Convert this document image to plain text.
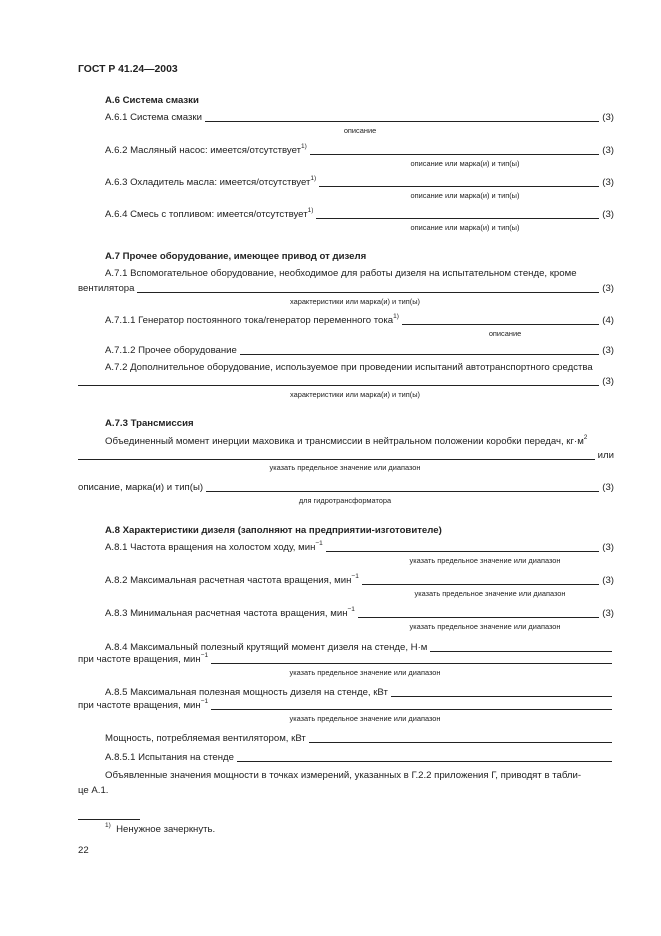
ГОСТ Р 41.24—2003
А.6 Система смазки
А.6.1 Система смазки	(3)
описание
А.6.2 Масляный насос: имеется/отсутствует$^{1)}$	(3)
описание или марка(и) и тип(ы)
А.6.3 Охладитель масла: имеется/отсутствует$^{1)}$	(3)
описание или марка(и) и тип(ы)
А.6.4 Смесь с топливом: имеется/отсутствует$^{1)}$	(3)
описание или марка(и) и тип(ы)
А.7 Прочее оборудование, имеющее привод от дизеля
А.7.1 Вспомогательное оборудование, необходимое для работы дизеля на испытательном стенде, кроме
вентилятора	(3)
характеристики или марка(и) и тип(ы)
А.7.1.1 Генератор постоянного тока/генератор переменного тока$^{1)}$	(4)
описание
А.7.1.2 Прочее оборудование	(3)
А.7.2 Дополнительное оборудование, используемое при проведении испытаний автотранспортного средства
(3)
характеристики или марка(и) и тип(ы)
А.7.3 Трансмиссия
Объединенный момент инерции маховика и трансмиссии в нейтральном положении коробки передач, $кг\cdot м^2$
или
указать предельное значение или диапазон
описание, марка(и) и тип(ы)	(3)
для гидротрансформатора
А.8 Характеристики дизеля (заполняют на предприятии-изготовителе)
А.8.1 Частота вращения на холостом ходу, мин$^{-1}$	(3)
указать предельное значение или диапазон
А.8.2 Максимальная расчетная частота вращения, мин$^{-1}$	(3)
указать предельное значение или диапазон
А.8.3 Минимальная расчетная частота вращения, мин$^{-1}$	(3)
указать предельное значение или диапазон
А.8.4 Максимальный полезный крутящий момент дизеля на стенде, Н·м
при частоте вращения, мин$^{-1}$
указать предельное значение или диапазон
А.8.5 Максимальная полезная мощность дизеля на стенде, кВт
при частоте вращения, мин$^{-1}$
указать предельное значение или диапазон
Мощность, потребляемая вентилятором, кВт
А.8.5.1 Испытания на стенде
Объявленные значения мощности в точках измерений, указанных в Г.2.2 приложения Г, приводят в табли-
це А.1.
$^{1)}$ Ненужное зачеркнуть.
22
